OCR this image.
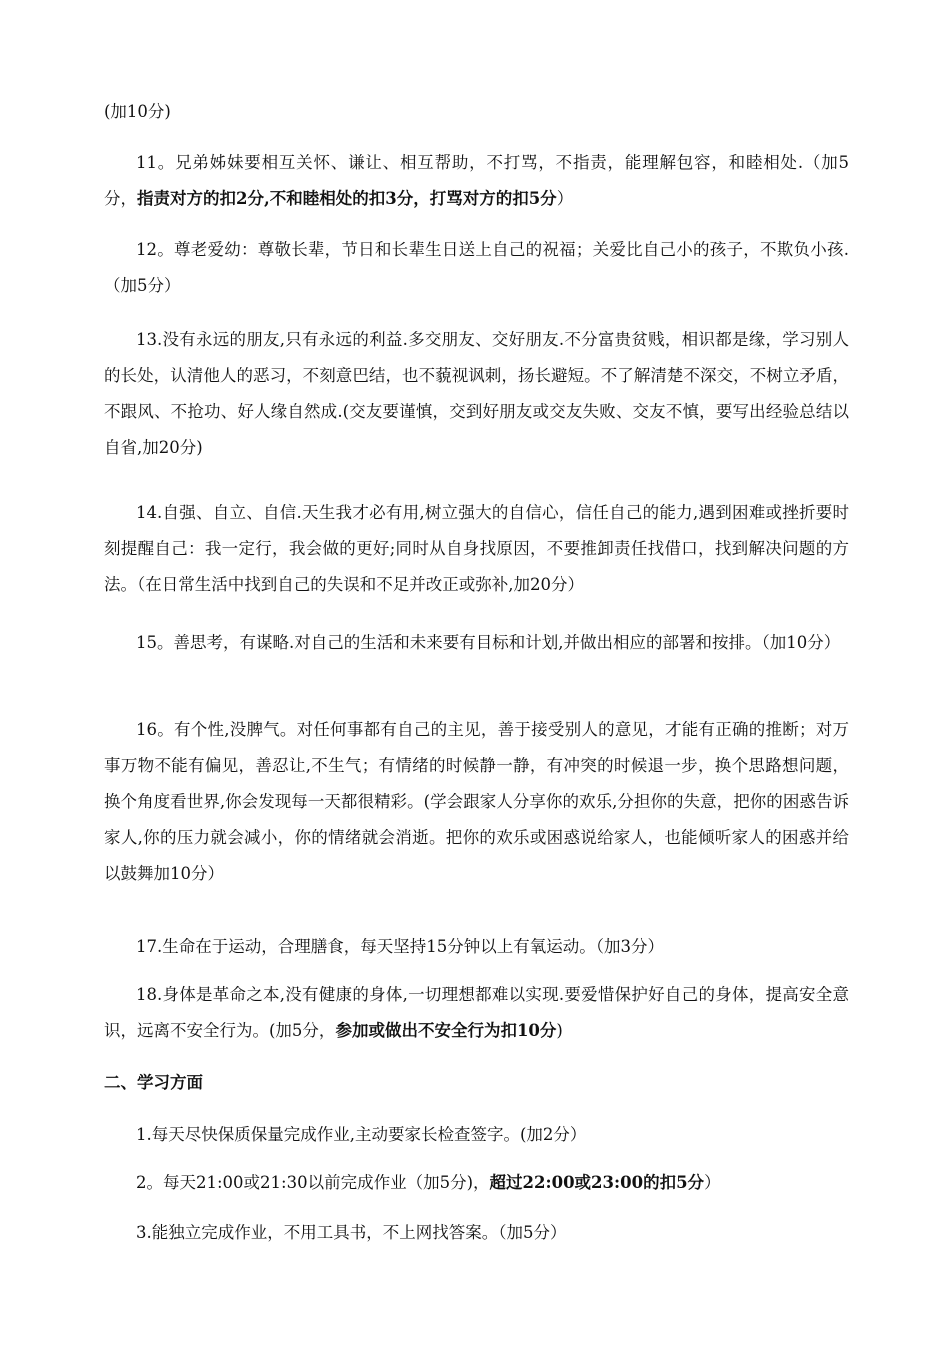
(加10分)

11。兄弟姊妹要相互关怀、谦让、相互帮助，不打骂，不指责，能理解包容，和睦相处.（加5分，指责对方的扣2分,不和睦相处的扣3分，打骂对方的扣5分）

12。尊老爱幼：尊敬长辈，节日和长辈生日送上自己的祝福；关爱比自己小的孩子，不欺负小孩.（加5分）

13.没有永远的朋友,只有永远的利益.多交朋友、交好朋友.不分富贵贫贱，相识都是缘，学习别人的长处，认清他人的恶习，不刻意巴结，也不藐视讽刺，扬长避短。不了解清楚不深交，不树立矛盾，不跟风、不抢功、好人缘自然成.(交友要谨慎，交到好朋友或交友失败、交友不慎，要写出经验总结以自省,加20分)

14.自强、自立、自信.天生我才必有用,树立强大的自信心，信任自己的能力,遇到困难或挫折要时刻提醒自己：我一定行，我会做的更好;同时从自身找原因，不要推卸责任找借口，找到解决问题的方法。（在日常生活中找到自己的失误和不足并改正或弥补,加20分）

15。善思考，有谋略.对自己的生活和未来要有目标和计划,并做出相应的部署和按排。（加10分）

16。有个性,没脾气。对任何事都有自己的主见，善于接受别人的意见，才能有正确的推断；对万事万物不能有偏见，善忍让,不生气；有情绪的时候静一静，有冲突的时候退一步，换个思路想问题，换个角度看世界,你会发现每一天都很精彩。(学会跟家人分享你的欢乐,分担你的失意，把你的困惑告诉家人,你的压力就会减小，你的情绪就会消逝。把你的欢乐或困惑说给家人，也能倾听家人的困惑并给以鼓舞加10分）

17.生命在于运动，合理膳食，每天坚持15分钟以上有氧运动。（加3分）

18.身体是革命之本,没有健康的身体,一切理想都难以实现.要爱惜保护好自己的身体，提高安全意识，远离不安全行为。(加5分，参加或做出不安全行为扣10分)

二、学习方面

1.每天尽快保质保量完成作业,主动要家长检查签字。(加2分）

2。每天21:00或21:30以前完成作业（加5分)，超过22:00或23:00的扣5分）

3.能独立完成作业，不用工具书，不上网找答案。（加5分）
